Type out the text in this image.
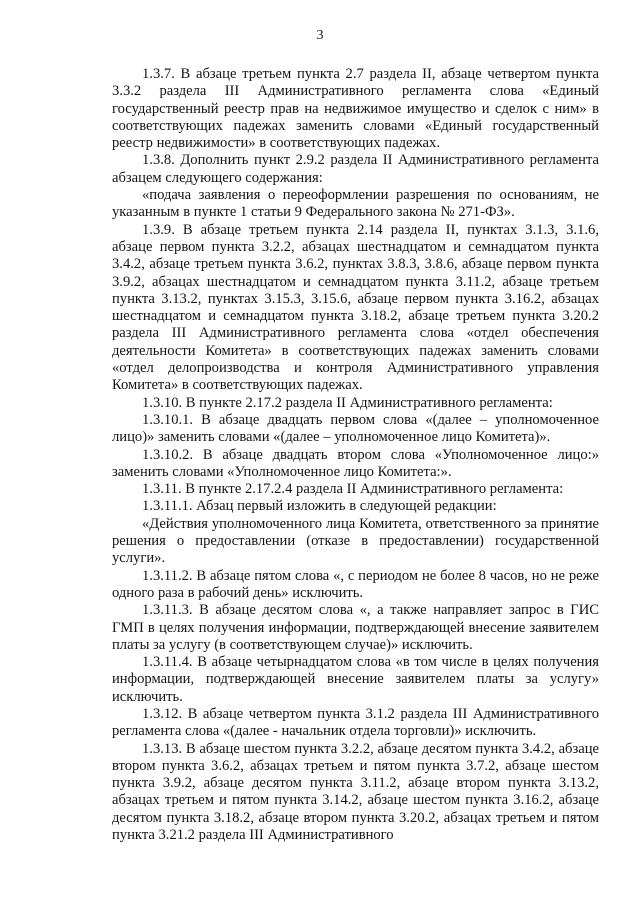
3

1.3.7. В абзаце третьем пункта 2.7 раздела II, абзаце четвертом пункта 3.3.2 раздела III Административного регламента слова «Единый государственный реестр прав на недвижимое имущество и сделок с ним» в соответствующих падежах заменить словами «Единый государственный реестр недвижимости» в соответствующих падежах.

1.3.8. Дополнить пункт 2.9.2 раздела II Административного регламента абзацем следующего содержания:

«подача заявления о переоформлении разрешения по основаниям, не указанным в пункте 1 статьи 9 Федерального закона № 271-ФЗ».

1.3.9. В абзаце третьем пункта 2.14 раздела II, пунктах 3.1.3, 3.1.6, абзаце первом пункта 3.2.2, абзацах шестнадцатом и семнадцатом пункта 3.4.2, абзаце третьем пункта 3.6.2, пунктах 3.8.3, 3.8.6, абзаце первом пункта 3.9.2, абзацах шестнадцатом и семнадцатом пункта 3.11.2, абзаце третьем пункта 3.13.2, пунктах 3.15.3, 3.15.6, абзаце первом пункта 3.16.2, абзацах шестнадцатом и семнадцатом пункта 3.18.2, абзаце третьем пункта 3.20.2 раздела III Административного регламента слова «отдел обеспечения деятельности Комитета» в соответствующих падежах заменить словами «отдел делопроизводства и контроля Административного управления Комитета» в соответствующих падежах.

1.3.10. В пункте 2.17.2 раздела II Административного регламента:

1.3.10.1. В абзаце двадцать первом слова «(далее – уполномоченное лицо)» заменить словами «(далее – уполномоченное лицо Комитета)».

1.3.10.2. В абзаце двадцать втором слова «Уполномоченное лицо:» заменить словами «Уполномоченное лицо Комитета:».

1.3.11. В пункте 2.17.2.4 раздела II Административного регламента:

1.3.11.1. Абзац первый изложить в следующей редакции:

«Действия уполномоченного лица Комитета, ответственного за принятие решения о предоставлении (отказе в предоставлении) государственной услуги».

1.3.11.2. В абзаце пятом слова «, с периодом не более 8 часов, но не реже одного раза в рабочий день» исключить.

1.3.11.3. В абзаце десятом слова «, а также направляет запрос в ГИС ГМП в целях получения информации, подтверждающей внесение заявителем платы за услугу (в соответствующем случае)» исключить.

1.3.11.4. В абзаце четырнадцатом слова «в том числе в целях получения информации, подтверждающей внесение заявителем платы за услугу» исключить.

1.3.12. В абзаце четвертом пункта 3.1.2 раздела III Административного регламента слова «(далее - начальник отдела торговли)» исключить.

1.3.13. В абзаце шестом пункта 3.2.2, абзаце десятом пункта 3.4.2, абзаце втором пункта 3.6.2, абзацах третьем и пятом пункта 3.7.2, абзаце шестом пункта 3.9.2, абзаце десятом пункта 3.11.2, абзаце втором пункта 3.13.2, абзацах третьем и пятом пункта 3.14.2, абзаце шестом пункта 3.16.2, абзаце десятом пункта 3.18.2, абзаце втором пункта 3.20.2, абзацах третьем и пятом пункта 3.21.2 раздела III Административного
